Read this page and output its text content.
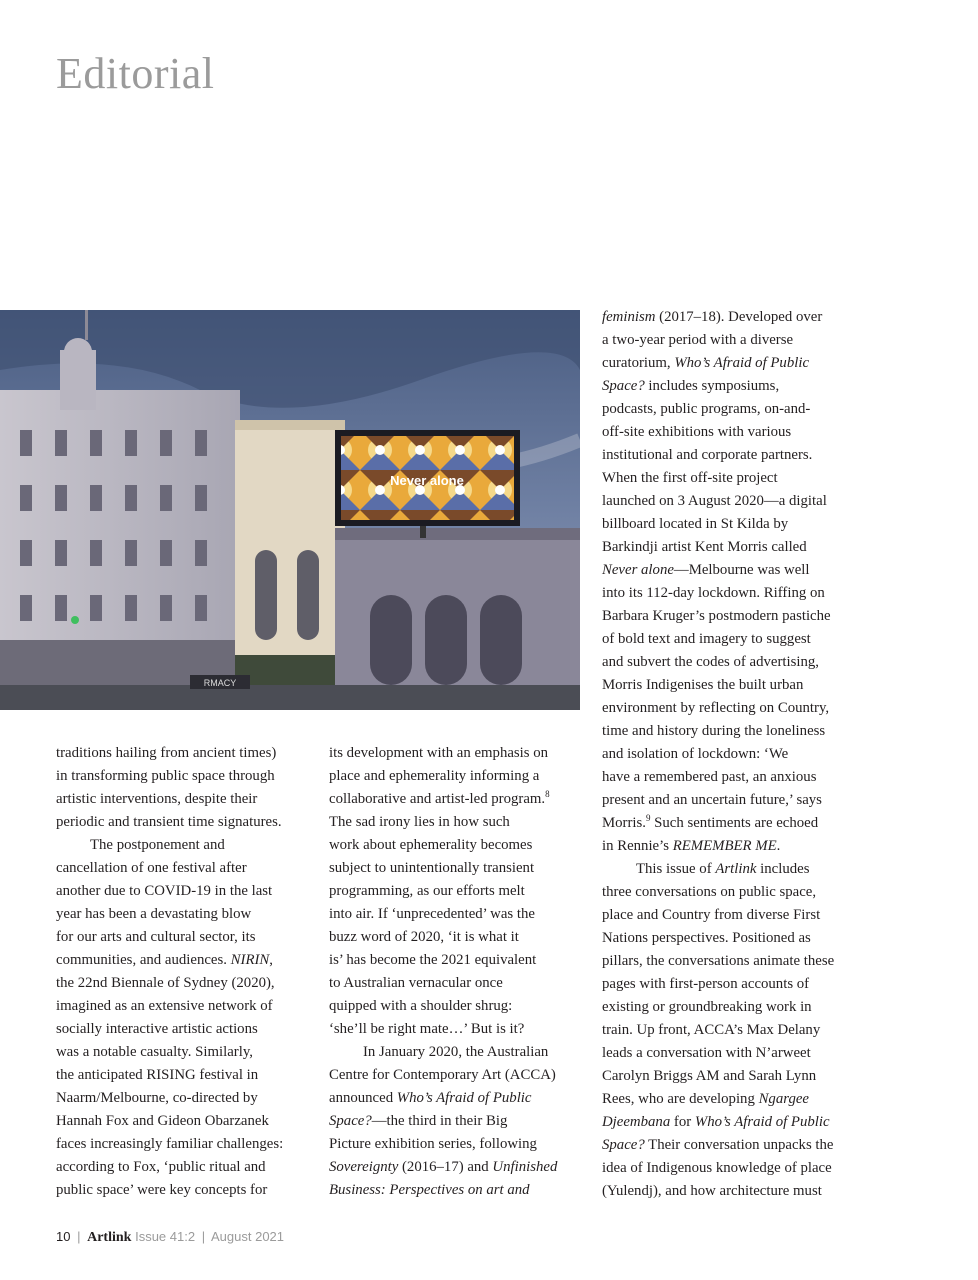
Editorial
Never alone
RMACY
traditions hailing from ancient times)
in transforming public space through
artistic interventions, despite their
periodic and transient time signatures.
The postponement and
cancellation of one festival after
another due to COVID-19 in the last
year has been a devastating blow
for our arts and cultural sector, its
communities, and audiences. NIRIN,
the 22nd Biennale of Sydney (2020),
imagined as an extensive network of
socially interactive artistic actions
was a notable casualty. Similarly,
the anticipated RISING festival in
Naarm/Melbourne, co-directed by
Hannah Fox and Gideon Obarzanek
faces increasingly familiar challenges:
according to Fox, ‘public ritual and
public space’ were key concepts for
its development with an emphasis on
place and ephemerality informing a
collaborative and artist-led program.$^8$
The sad irony lies in how such
work about ephemerality becomes
subject to unintentionally transient
programming, as our efforts melt
into air. If ‘unprecedented’ was the
buzz word of 2020, ‘it is what it
is’ has become the 2021 equivalent
to Australian vernacular once
quipped with a shoulder shrug:
‘she’ll be right mate…’ But is it?
In January 2020, the Australian
Centre for Contemporary Art (ACCA)
announced Who’s Afraid of Public
Space?—the third in their Big
Picture exhibition series, following
Sovereignty (2016–17) and Unfinished
Business: Perspectives on art and
feminism (2017–18). Developed over
a two-year period with a diverse
curatorium, Who’s Afraid of Public
Space? includes symposiums,
podcasts, public programs, on-and-
off-site exhibitions with various
institutional and corporate partners.
When the first off-site project
launched on 3 August 2020—a digital
billboard located in St Kilda by
Barkindji artist Kent Morris called
Never alone—Melbourne was well
into its 112-day lockdown. Riffing on
Barbara Kruger’s postmodern pastiche
of bold text and imagery to suggest
and subvert the codes of advertising,
Morris Indigenises the built urban
environment by reflecting on Country,
time and history during the loneliness
and isolation of lockdown: ‘We
have a remembered past, an anxious
present and an uncertain future,’ says
Morris.$^9$ Such sentiments are echoed
in Rennie’s REMEMBER ME.
This issue of Artlink includes
three conversations on public space,
place and Country from diverse First
Nations perspectives. Positioned as
pillars, the conversations animate these
pages with first-person accounts of
existing or groundbreaking work in
train. Up front, ACCA’s Max Delany
leads a conversation with N’arweet
Carolyn Briggs AM and Sarah Lynn
Rees, who are developing Ngargee
Djeembana for Who’s Afraid of Public
Space? Their conversation unpacks the
idea of Indigenous knowledge of place
(Yulendj), and how architecture must
10 | Artlink Issue 41:2 | August 2021
